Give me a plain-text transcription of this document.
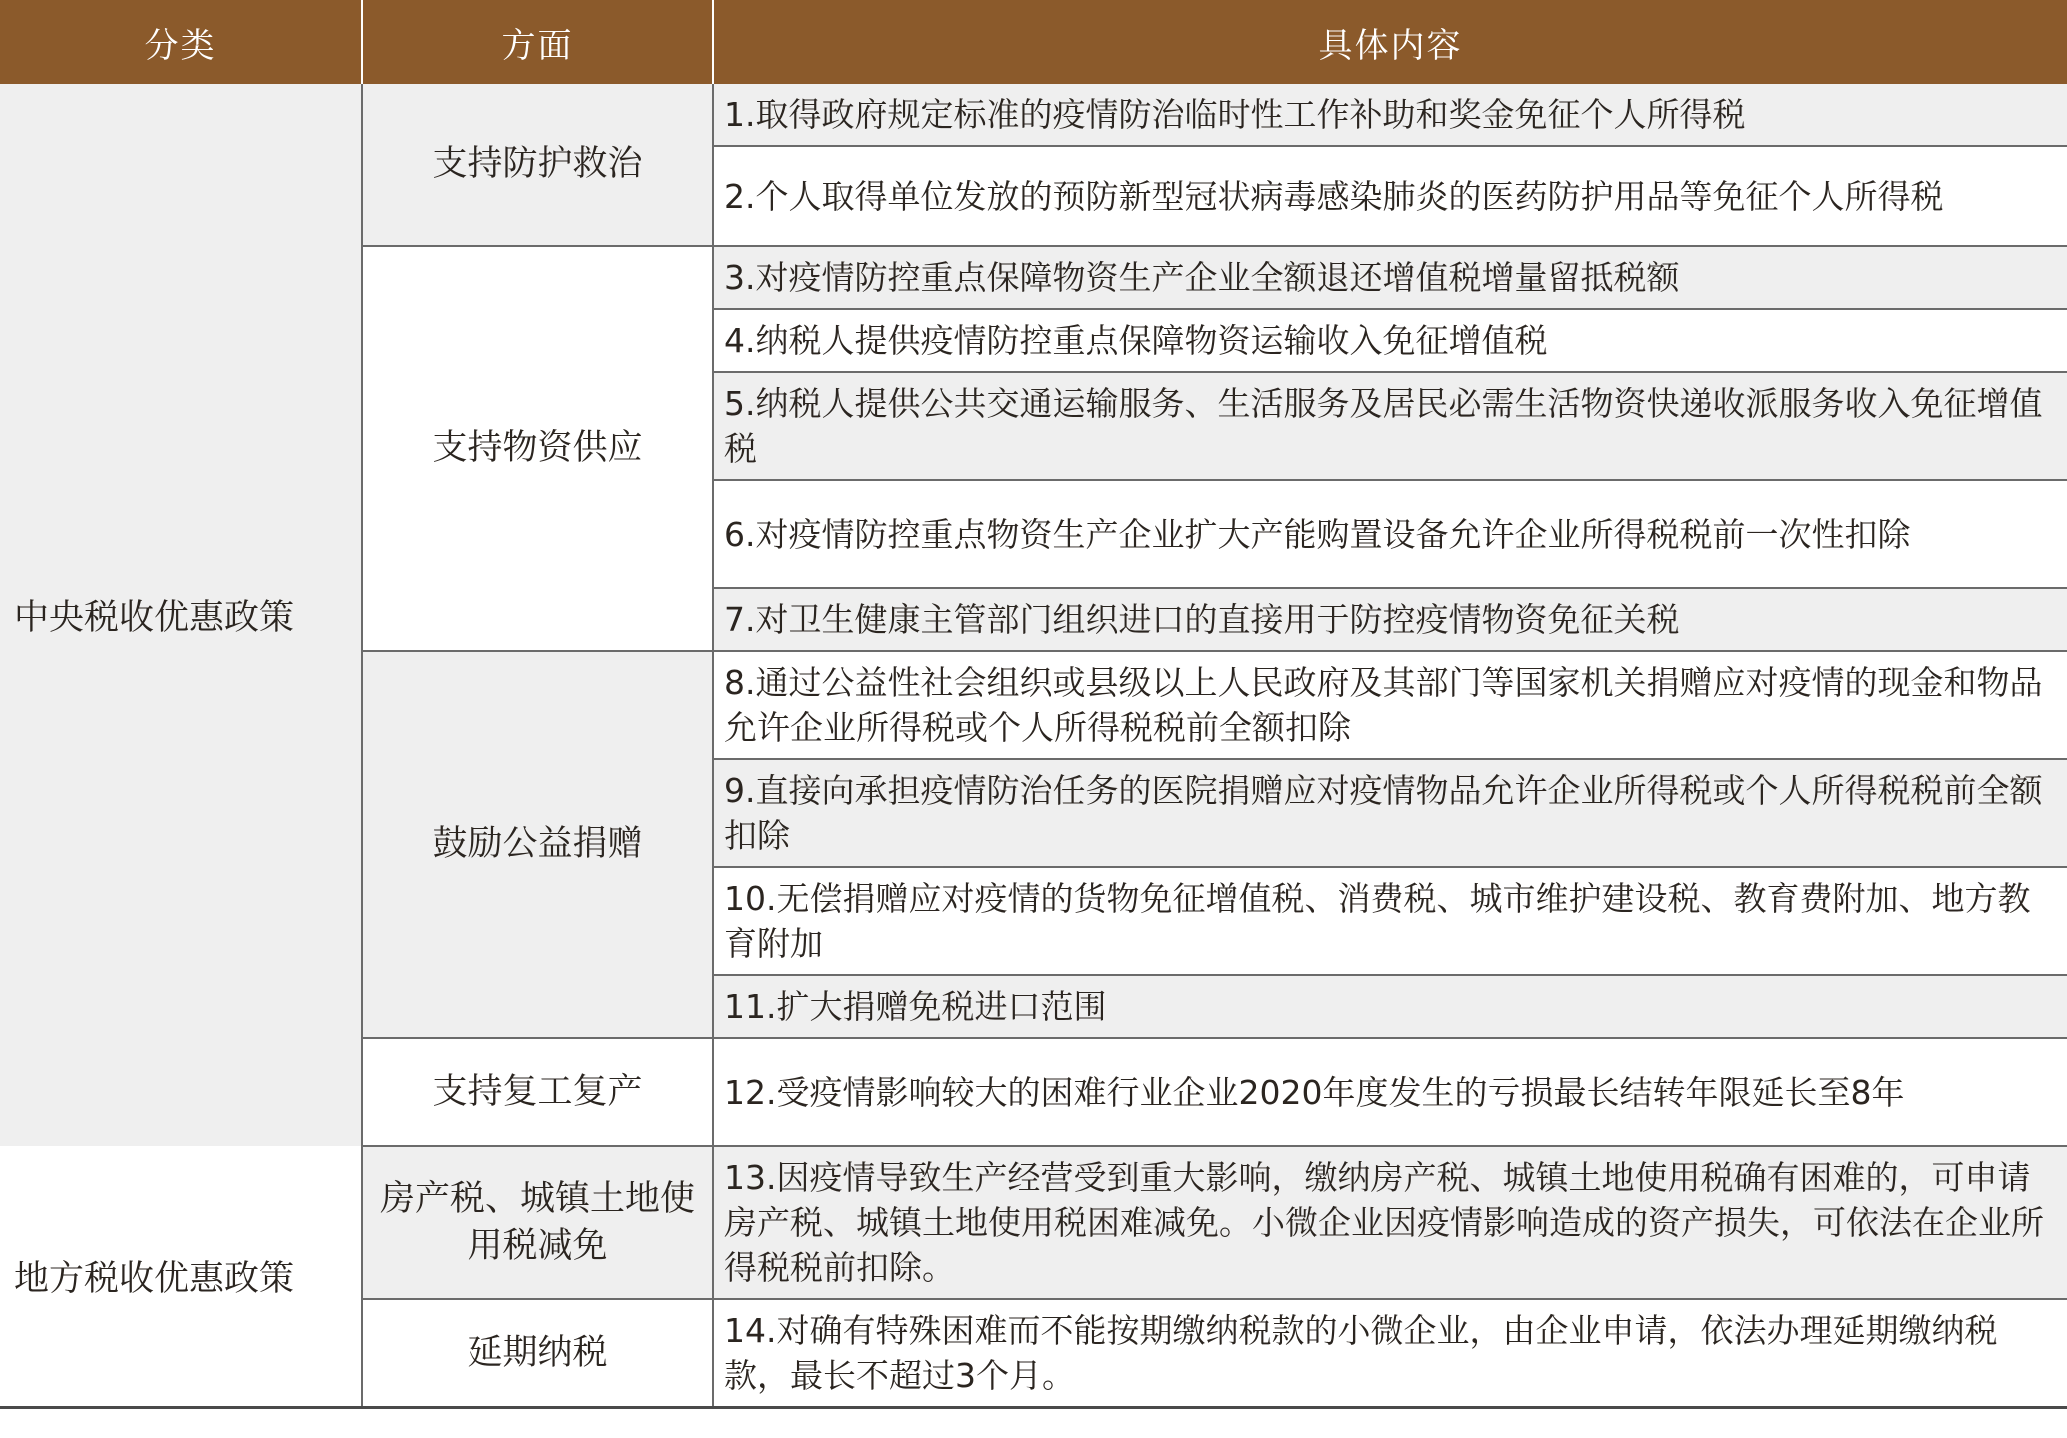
分类	方面	具体内容
中央税收优惠政策	支持防护救治	1.取得政府规定标准的疫情防治临时性工作补助和奖金免征个人所得税
		2.个人取得单位发放的预防新型冠状病毒感染肺炎的医药防护用品等免征个人所得税
	支持物资供应	3.对疫情防控重点保障物资生产企业全额退还增值税增量留抵税额
		4.纳税人提供疫情防控重点保障物资运输收入免征增值税
		5.纳税人提供公共交通运输服务、生活服务及居民必需生活物资快递收派服务收入免征增值税
		6.对疫情防控重点物资生产企业扩大产能购置设备允许企业所得税税前一次性扣除
		7.对卫生健康主管部门组织进口的直接用于防控疫情物资免征关税
	鼓励公益捐赠	8.通过公益性社会组织或县级以上人民政府及其部门等国家机关捐赠应对疫情的现金和物品允许企业所得税或个人所得税税前全额扣除
		9.直接向承担疫情防治任务的医院捐赠应对疫情物品允许企业所得税或个人所得税税前全额扣除
		10.无偿捐赠应对疫情的货物免征增值税、消费税、城市维护建设税、教育费附加、地方教育附加
		11.扩大捐赠免税进口范围
	支持复工复产	12.受疫情影响较大的困难行业企业2020年度发生的亏损最长结转年限延长至8年
地方税收优惠政策	房产税、城镇土地使用税减免	13.因疫情导致生产经营受到重大影响，缴纳房产税、城镇土地使用税确有困难的，可申请房产税、城镇土地使用税困难减免。小微企业因疫情影响造成的资产损失，可依法在企业所得税税前扣除。
	延期纳税	14.对确有特殊困难而不能按期缴纳税款的小微企业，由企业申请，依法办理延期缴纳税款，最长不超过3个月。
